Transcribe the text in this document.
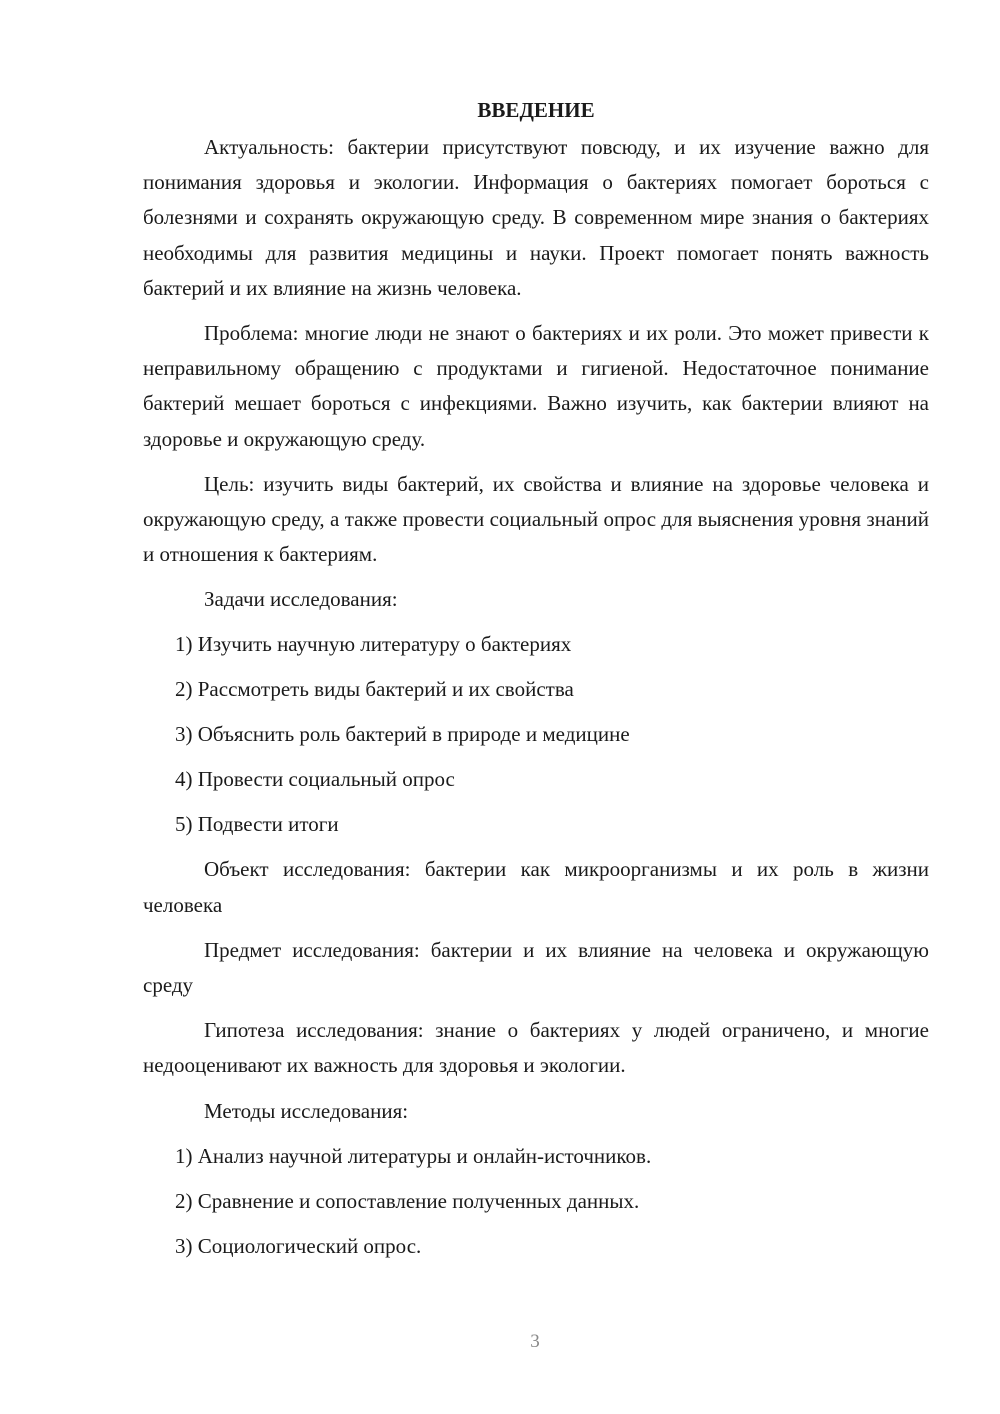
ВВЕДЕНИЕ

Актуальность: бактерии присутствуют повсюду, и их изучение важно для понимания здоровья и экологии. Информация о бактериях помогает бороться с болезнями и сохранять окружающую среду. В современном мире знания о бактериях необходимы для развития медицины и науки. Проект помогает понять важность бактерий и их влияние на жизнь человека.

Проблема: многие люди не знают о бактериях и их роли. Это может привести к неправильному обращению с продуктами и гигиеной. Недостаточное понимание бактерий мешает бороться с инфекциями. Важно изучить, как бактерии влияют на здоровье и окружающую среду.

Цель: изучить виды бактерий, их свойства и влияние на здоровье человека и окружающую среду, а также провести социальный опрос для выяснения уровня знаний и отношения к бактериям.

Задачи исследования:
1) Изучить научную литературу о бактериях
2) Рассмотреть виды бактерий и их свойства
3) Объяснить роль бактерий в природе и медицине
4) Провести социальный опрос
5) Подвести итоги

Объект исследования: бактерии как микроорганизмы и их роль в жизни человека

Предмет исследования: бактерии и их влияние на человека и окружающую среду

Гипотеза исследования: знание о бактериях у людей ограничено, и многие недооценивают их важность для здоровья и экологии.

Методы исследования:
1) Анализ научной литературы и онлайн-источников.
2) Сравнение и сопоставление полученных данных.
3) Социологический опрос.
3
